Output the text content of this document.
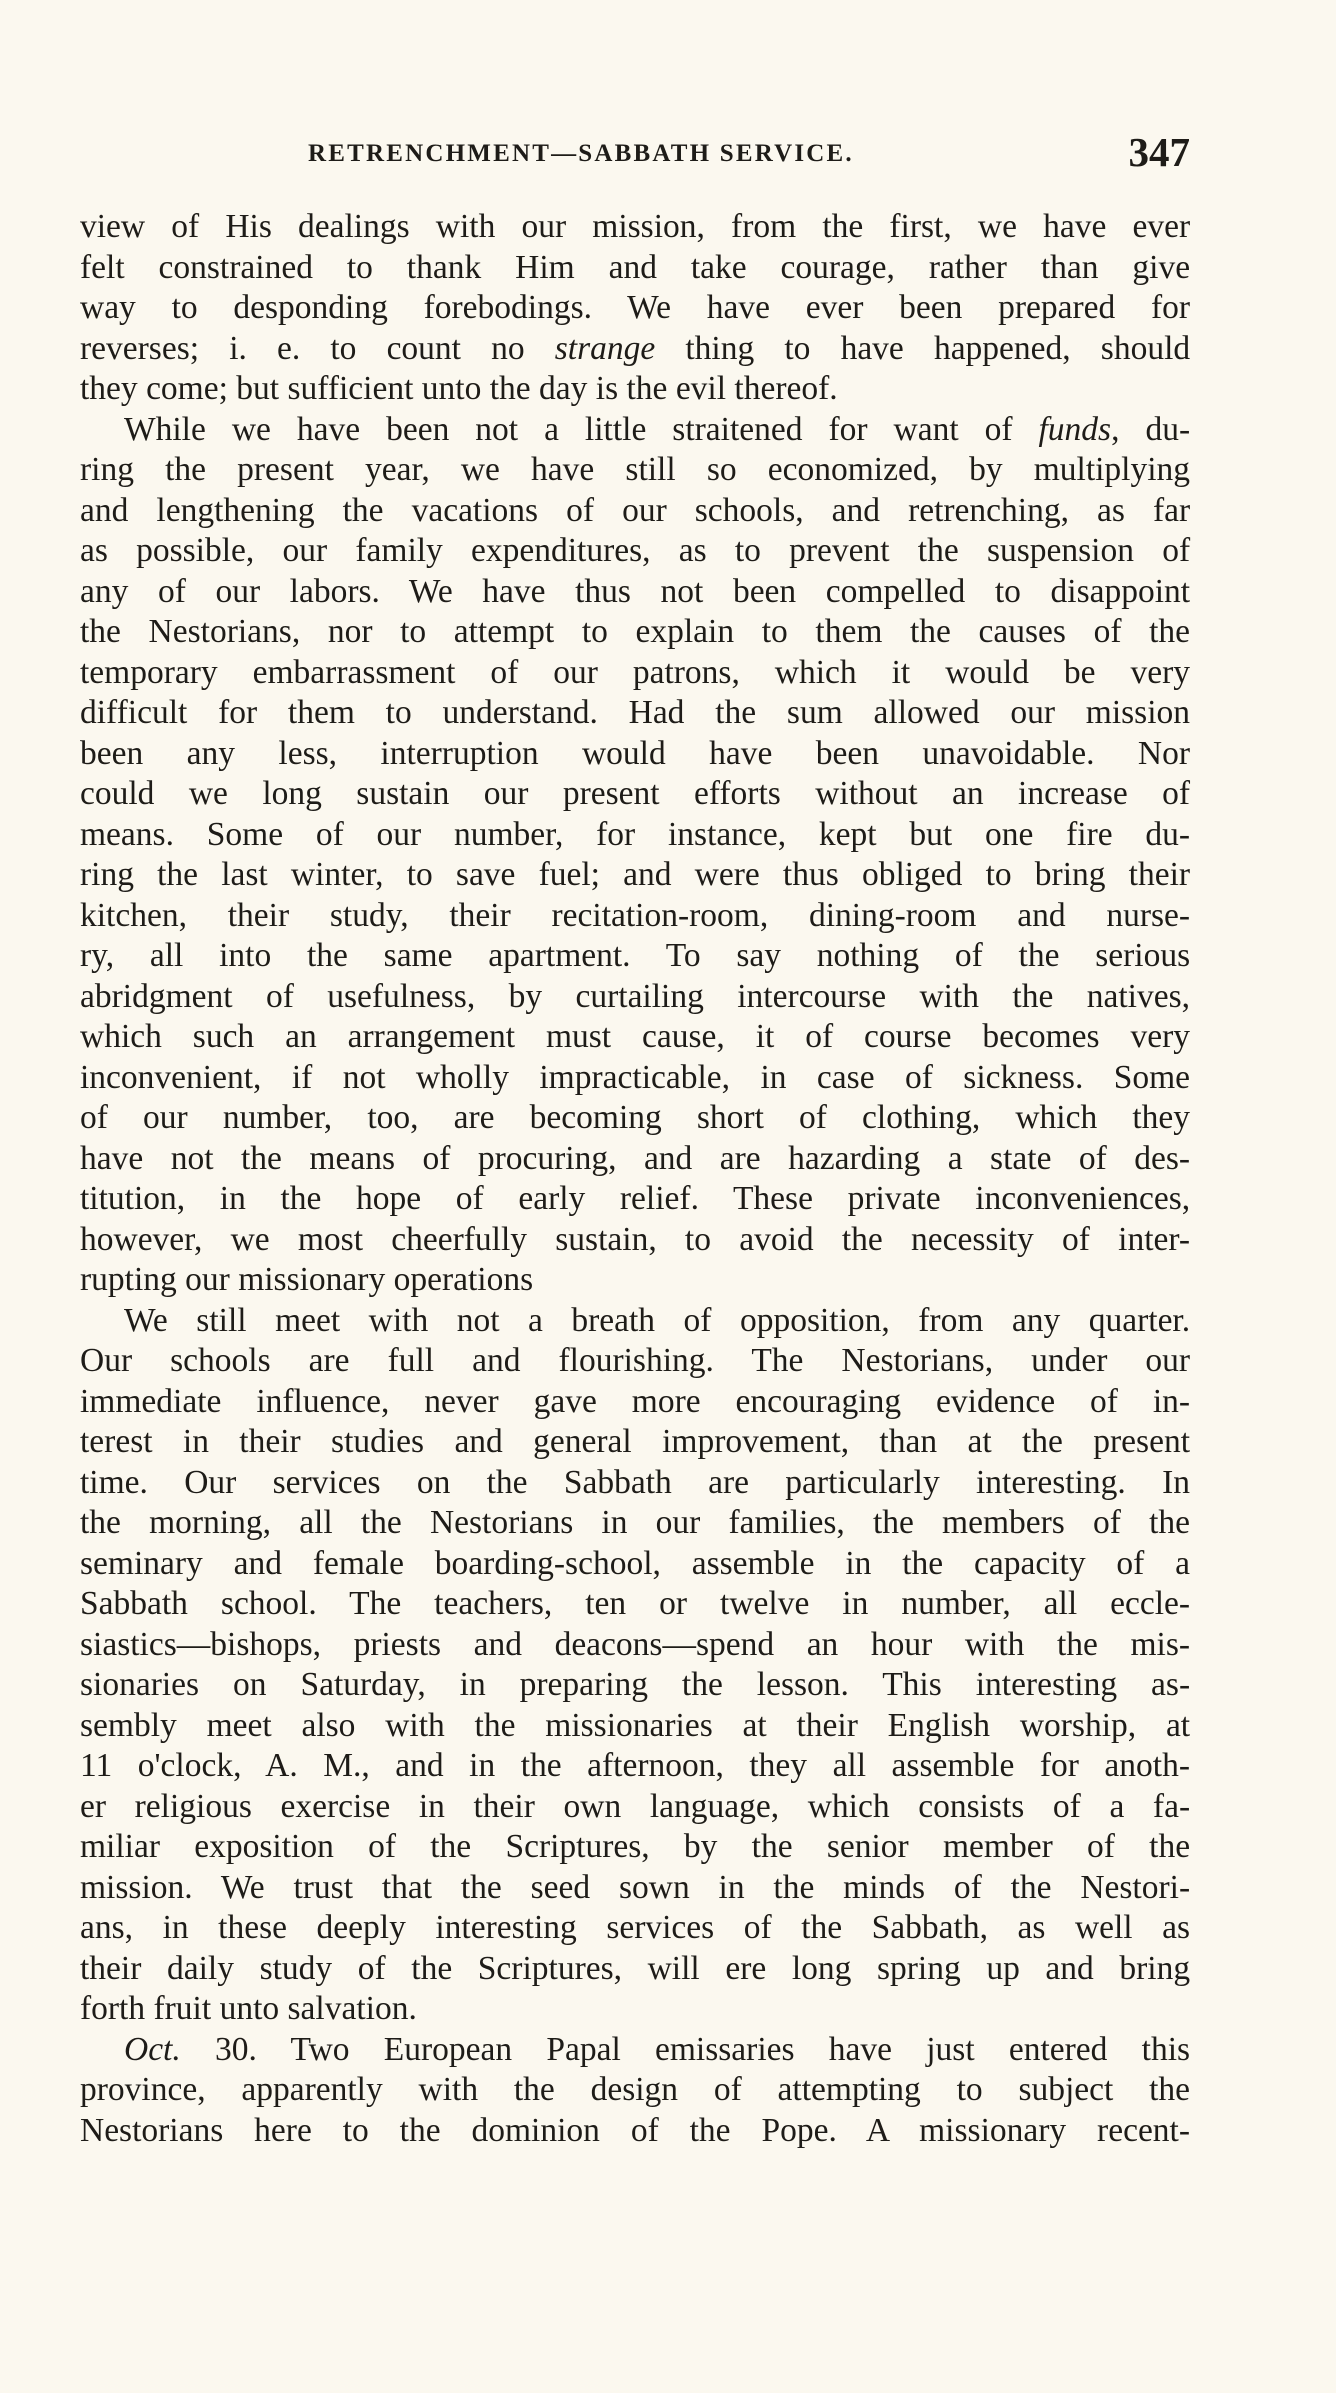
RETRENCHMENT—SABBATH SERVICE.	347
view of His dealings with our mission, from the first, we have ever
felt constrained to thank Him and take courage, rather than give
way to desponding forebodings. We have ever been prepared for
reverses; i. e. to count no strange thing to have happened, should
they come; but sufficient unto the day is the evil thereof.
While we have been not a little straitened for want of funds, du-
ring the present year, we have still so economized, by multiplying
and lengthening the vacations of our schools, and retrenching, as far
as possible, our family expenditures, as to prevent the suspension of
any of our labors. We have thus not been compelled to disappoint
the Nestorians, nor to attempt to explain to them the causes of the
temporary embarrassment of our patrons, which it would be very
difficult for them to understand. Had the sum allowed our mission
been any less, interruption would have been unavoidable. Nor
could we long sustain our present efforts without an increase of
means. Some of our number, for instance, kept but one fire du-
ring the last winter, to save fuel; and were thus obliged to bring their
kitchen, their study, their recitation-room, dining-room and nurse-
ry, all into the same apartment. To say nothing of the serious
abridgment of usefulness, by curtailing intercourse with the natives,
which such an arrangement must cause, it of course becomes very
inconvenient, if not wholly impracticable, in case of sickness. Some
of our number, too, are becoming short of clothing, which they
have not the means of procuring, and are hazarding a state of des-
titution, in the hope of early relief. These private inconveniences,
however, we most cheerfully sustain, to avoid the necessity of inter-
rupting our missionary operations
We still meet with not a breath of opposition, from any quarter.
Our schools are full and flourishing. The Nestorians, under our
immediate influence, never gave more encouraging evidence of in-
terest in their studies and general improvement, than at the present
time. Our services on the Sabbath are particularly interesting. In
the morning, all the Nestorians in our families, the members of the
seminary and female boarding-school, assemble in the capacity of a
Sabbath school. The teachers, ten or twelve in number, all eccle-
siastics—bishops, priests and deacons—spend an hour with the mis-
sionaries on Saturday, in preparing the lesson. This interesting as-
sembly meet also with the missionaries at their English worship, at
11 o'clock, A. M., and in the afternoon, they all assemble for anoth-
er religious exercise in their own language, which consists of a fa-
miliar exposition of the Scriptures, by the senior member of the
mission. We trust that the seed sown in the minds of the Nestori-
ans, in these deeply interesting services of the Sabbath, as well as
their daily study of the Scriptures, will ere long spring up and bring
forth fruit unto salvation.
Oct. 30. Two European Papal emissaries have just entered this
province, apparently with the design of attempting to subject the
Nestorians here to the dominion of the Pope. A missionary recent-
